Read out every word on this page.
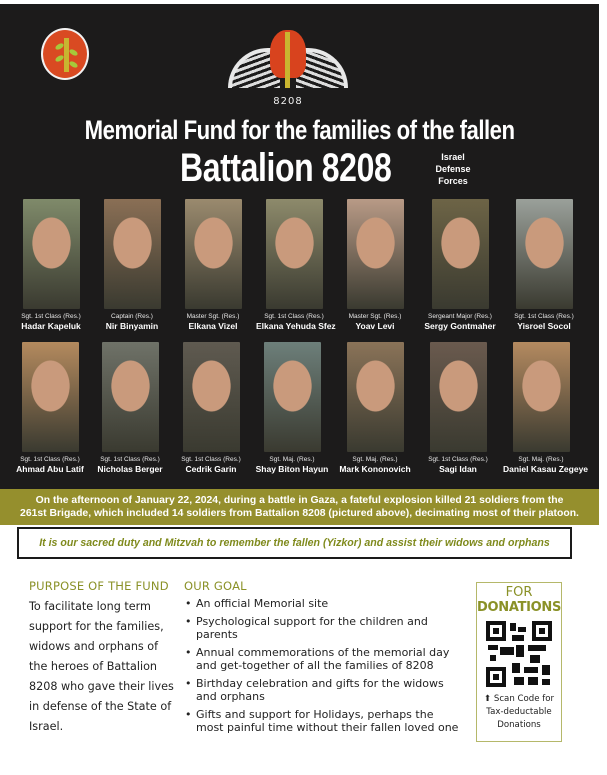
8208
Memorial Fund for the families of the fallen
Battalion 8208	Israel
Defense
Forces
Sgt. 1st Class (Res.)
Hadar Kapeluk
Captain (Res.)
Nir Binyamin
Master Sgt. (Res.)
Elkana Vizel
Sgt. 1st Class (Res.)
Elkana Yehuda Sfez
Master Sgt. (Res.)
Yoav Levi
Sergeant Major (Res.)
Sergy Gontmaher
Sgt. 1st Class (Res.)
Yisroel Socol
Sgt. 1st Class (Res.)
Ahmad Abu Latif
Sgt. 1st Class (Res.)
Nicholas Berger
Sgt. 1st Class (Res.)
Cedrik Garin
Sgt. Maj. (Res.)
Shay Biton Hayun
Sgt. Maj. (Res.)
Mark Kononovich
Sgt. 1st Class (Res.)
Sagi Idan
Sgt. Maj. (Res.)
Daniel Kasau Zegeye
On the afternoon of January 22, 2024, during a battle in Gaza, a fateful explosion killed 21 soldiers from the
261st Brigade, which included 14 soldiers from Battalion 8208 (pictured above), decimating most of their platoon.
It is our sacred duty and Mitzvah to remember the fallen (Yizkor) and assist their widows and orphans
PURPOSE OF THE FUND
To facilitate long term support for the families, widows and orphans of the heroes of Battalion 8208 who gave their lives in defense of the State of Israel.
OUR GOAL
• An official Memorial site
• Psychological support for the children and parents
• Annual commemorations of the memorial day and get-together of all the families of 8208
• Birthday celebration and gifts for the widows and orphans
• Gifts and support for Holidays, perhaps the most painful time without their fallen loved one
FOR
DONATIONS
⬆ Scan Code for
Tax-deductable
Donations
